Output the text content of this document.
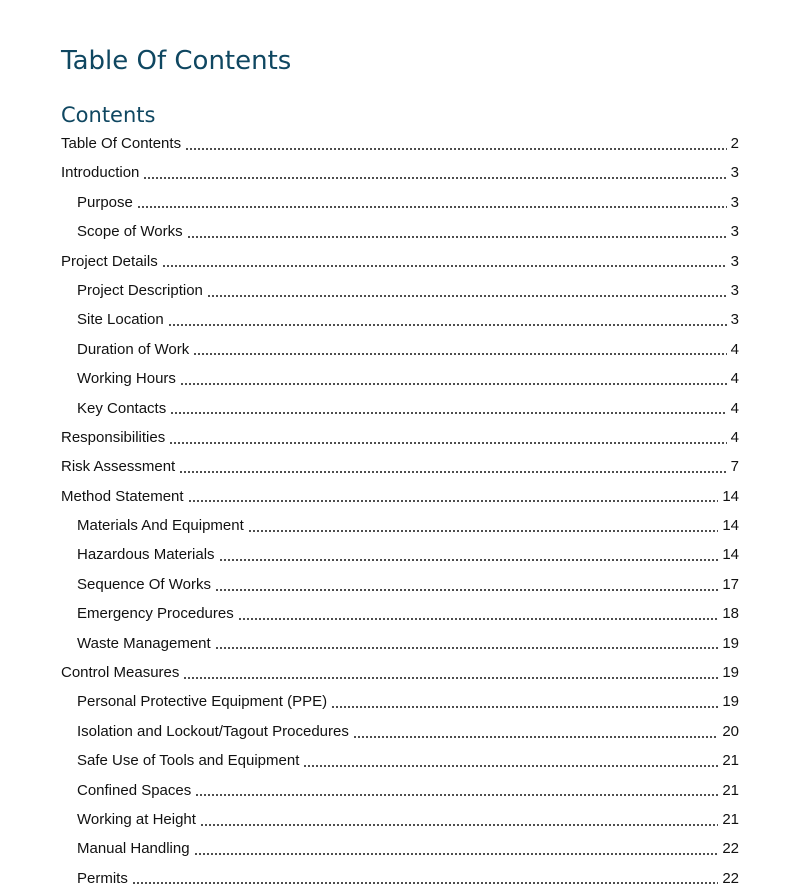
Table Of Contents
Contents
Table Of Contents	2
Introduction	3
Purpose	3
Scope of Works	3
Project Details	3
Project Description	3
Site Location	3
Duration of Work	4
Working Hours	4
Key Contacts	4
Responsibilities	4
Risk Assessment	7
Method Statement	14
Materials And Equipment	14
Hazardous Materials	14
Sequence Of Works	17
Emergency Procedures	18
Waste Management	19
Control Measures	19
Personal Protective Equipment (PPE)	19
Isolation and Lockout/Tagout Procedures	20
Safe Use of Tools and Equipment	21
Confined Spaces	21
Working at Height	21
Manual Handling	22
Permits	22
